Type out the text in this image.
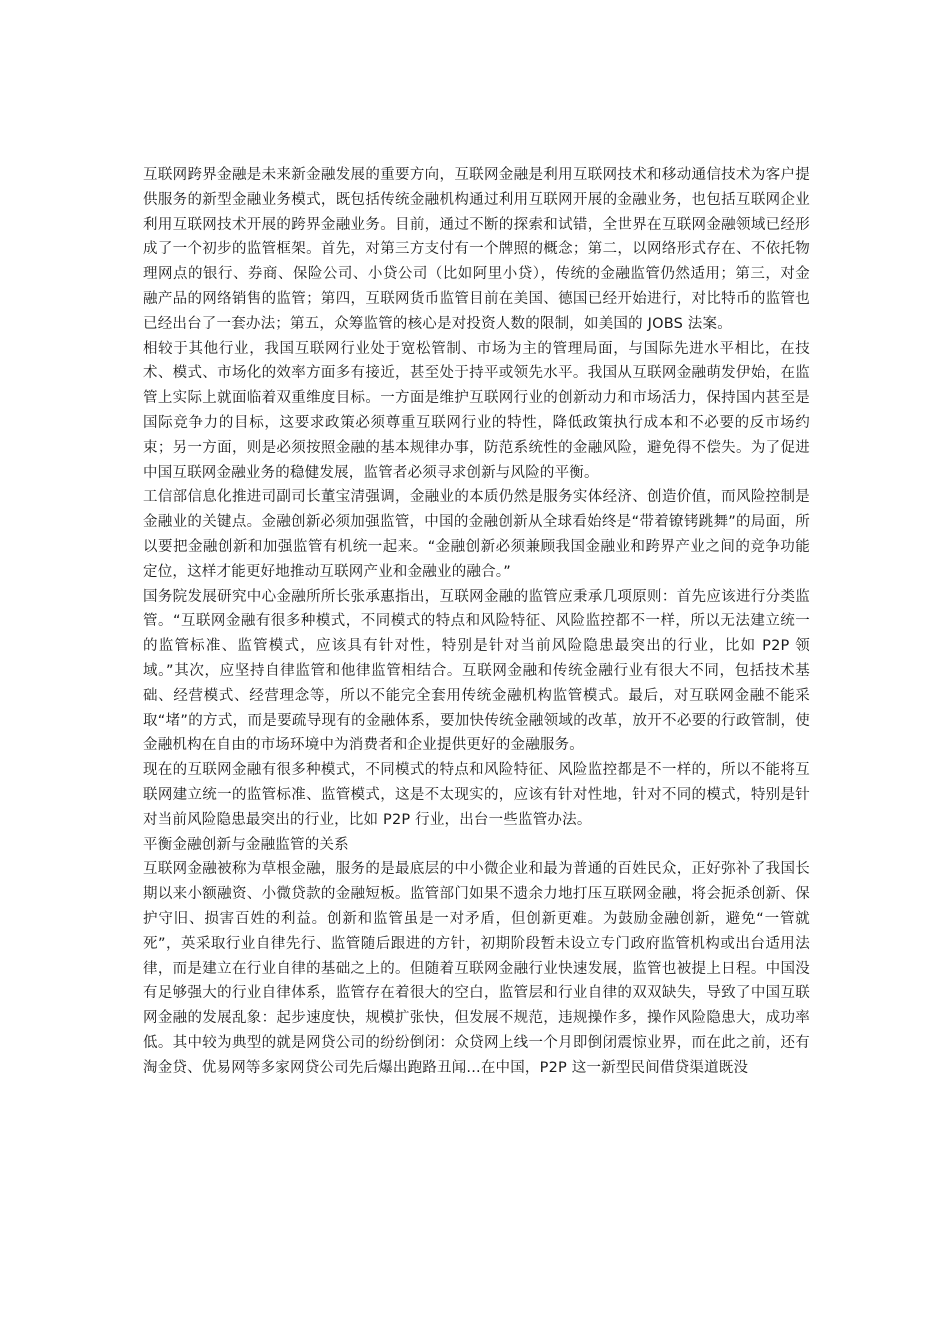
互联网跨界金融是未来新金融发展的重要方向，互联网金融是利用互联网技术和移动通信技术为客户提供服务的新型金融业务模式，既包括传统金融机构通过利用互联网开展的金融业务，也包括互联网企业利用互联网技术开展的跨界金融业务。目前，通过不断的探索和试错，全世界在互联网金融领域已经形成了一个初步的监管框架。首先，对第三方支付有一个牌照的概念；第二，以网络形式存在、不依托物理网点的银行、券商、保险公司、小贷公司（比如阿里小贷），传统的金融监管仍然适用；第三，对金融产品的网络销售的监管；第四，互联网货币监管目前在美国、德国已经开始进行，对比特币的监管也已经出台了一套办法；第五，众筹监管的核心是对投资人数的限制，如美国的 JOBS 法案。

相较于其他行业，我国互联网行业处于宽松管制、市场为主的管理局面，与国际先进水平相比，在技术、模式、市场化的效率方面多有接近，甚至处于持平或领先水平。我国从互联网金融萌发伊始，在监管上实际上就面临着双重维度目标。一方面是维护互联网行业的创新动力和市场活力，保持国内甚至是国际竞争力的目标，这要求政策必须尊重互联网行业的特性，降低政策执行成本和不必要的反市场约束；另一方面，则是必须按照金融的基本规律办事，防范系统性的金融风险，避免得不偿失。为了促进中国互联网金融业务的稳健发展，监管者必须寻求创新与风险的平衡。

工信部信息化推进司副司长董宝清强调，金融业的本质仍然是服务实体经济、创造价值，而风险控制是金融业的关键点。金融创新必须加强监管，中国的金融创新从全球看始终是“带着镣铐跳舞”的局面，所以要把金融创新和加强监管有机统一起来。“金融创新必须兼顾我国金融业和跨界产业之间的竞争功能定位，这样才能更好地推动互联网产业和金融业的融合。”

国务院发展研究中心金融所所长张承惠指出，互联网金融的监管应秉承几项原则：首先应该进行分类监管。“互联网金融有很多种模式，不同模式的特点和风险特征、风险监控都不一样，所以无法建立统一的监管标准、监管模式，应该具有针对性，特别是针对当前风险隐患最突出的行业，比如 P2P 领域。”其次，应坚持自律监管和他律监管相结合。互联网金融和传统金融行业有很大不同，包括技术基础、经营模式、经营理念等，所以不能完全套用传统金融机构监管模式。最后，对互联网金融不能采取“堵”的方式，而是要疏导现有的金融体系，要加快传统金融领域的改革，放开不必要的行政管制，使金融机构在自由的市场环境中为消费者和企业提供更好的金融服务。

现在的互联网金融有很多种模式，不同模式的特点和风险特征、风险监控都是不一样的，所以不能将互联网建立统一的监管标准、监管模式，这是不太现实的，应该有针对性地，针对不同的模式，特别是针对当前风险隐患最突出的行业，比如 P2P 行业，出台一些监管办法。

平衡金融创新与金融监管的关系

互联网金融被称为草根金融，服务的是最底层的中小微企业和最为普通的百姓民众，正好弥补了我国长期以来小额融资、小微贷款的金融短板。监管部门如果不遗余力地打压互联网金融，将会扼杀创新、保护守旧、损害百姓的利益。创新和监管虽是一对矛盾，但创新更难。为鼓励金融创新，避免“一管就死”，英采取行业自律先行、监管随后跟进的方针，初期阶段暂未设立专门政府监管机构或出台适用法律，而是建立在行业自律的基础之上的。但随着互联网金融行业快速发展，监管也被提上日程。中国没有足够强大的行业自律体系，监管存在着很大的空白，监管层和行业自律的双双缺失，导致了中国互联网金融的发展乱象：起步速度快，规模扩张快，但发展不规范，违规操作多，操作风险隐患大，成功率低。其中较为典型的就是网贷公司的纷纷倒闭：众贷网上线一个月即倒闭震惊业界，而在此之前，还有淘金贷、优易网等多家网贷公司先后爆出跑路丑闻...在中国，P2P 这一新型民间借贷渠道既没
